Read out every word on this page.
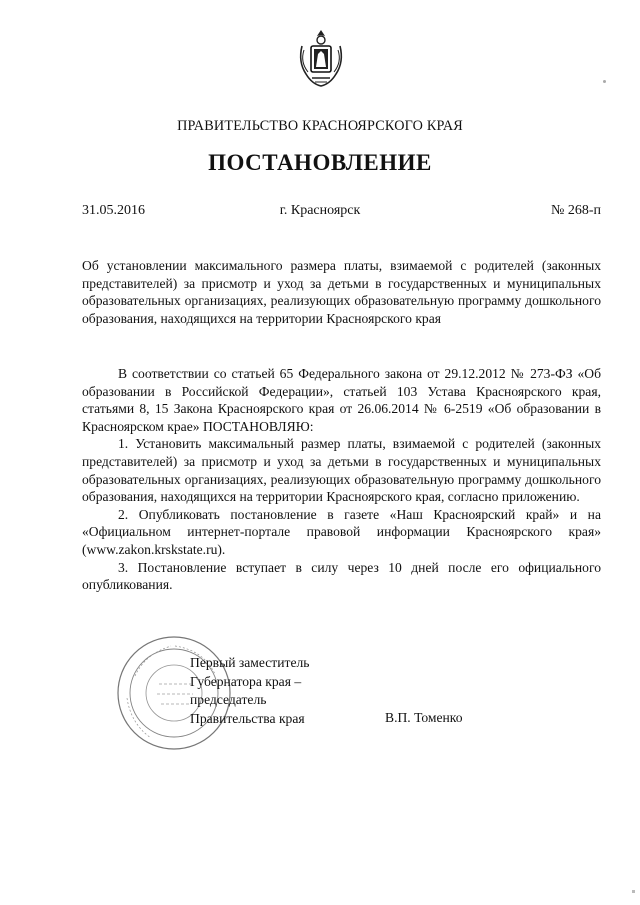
ПРАВИТЕЛЬСТВО КРАСНОЯРСКОГО КРАЯ
ПОСТАНОВЛЕНИЕ
31.05.2016	г. Красноярск	№ 268-п
Об установлении максимального размера платы, взимаемой с родителей (законных представителей) за присмотр и уход за детьми в государственных и муниципальных образовательных организациях, реализующих образовательную программу дошкольного образования, находящихся на территории Красноярского края

В соответствии со статьей 65 Федерального закона от 29.12.2012 № 273-ФЗ «Об образовании в Российской Федерации», статьей 103 Устава Красноярского края, статьями 8, 15 Закона Красноярского края от 26.06.2014 № 6-2519 «Об образовании в Красноярском крае» ПОСТАНОВЛЯЮ:

1. Установить максимальный размер платы, взимаемой с родителей (законных представителей) за присмотр и уход за детьми в государственных и муниципальных образовательных организациях, реализующих образовательную программу дошкольного образования, находящихся на территории Красноярского края, согласно приложению.

2. Опубликовать постановление в газете «Наш Красноярский край» и на «Официальном интернет-портале правовой информации Красноярского края» (www.zakon.krskstate.ru).

3. Постановление вступает в силу через 10 дней после его официального опубликования.

Первый заместитель
Губернатора края –
председатель
Правительства края	В.П. Томенко
